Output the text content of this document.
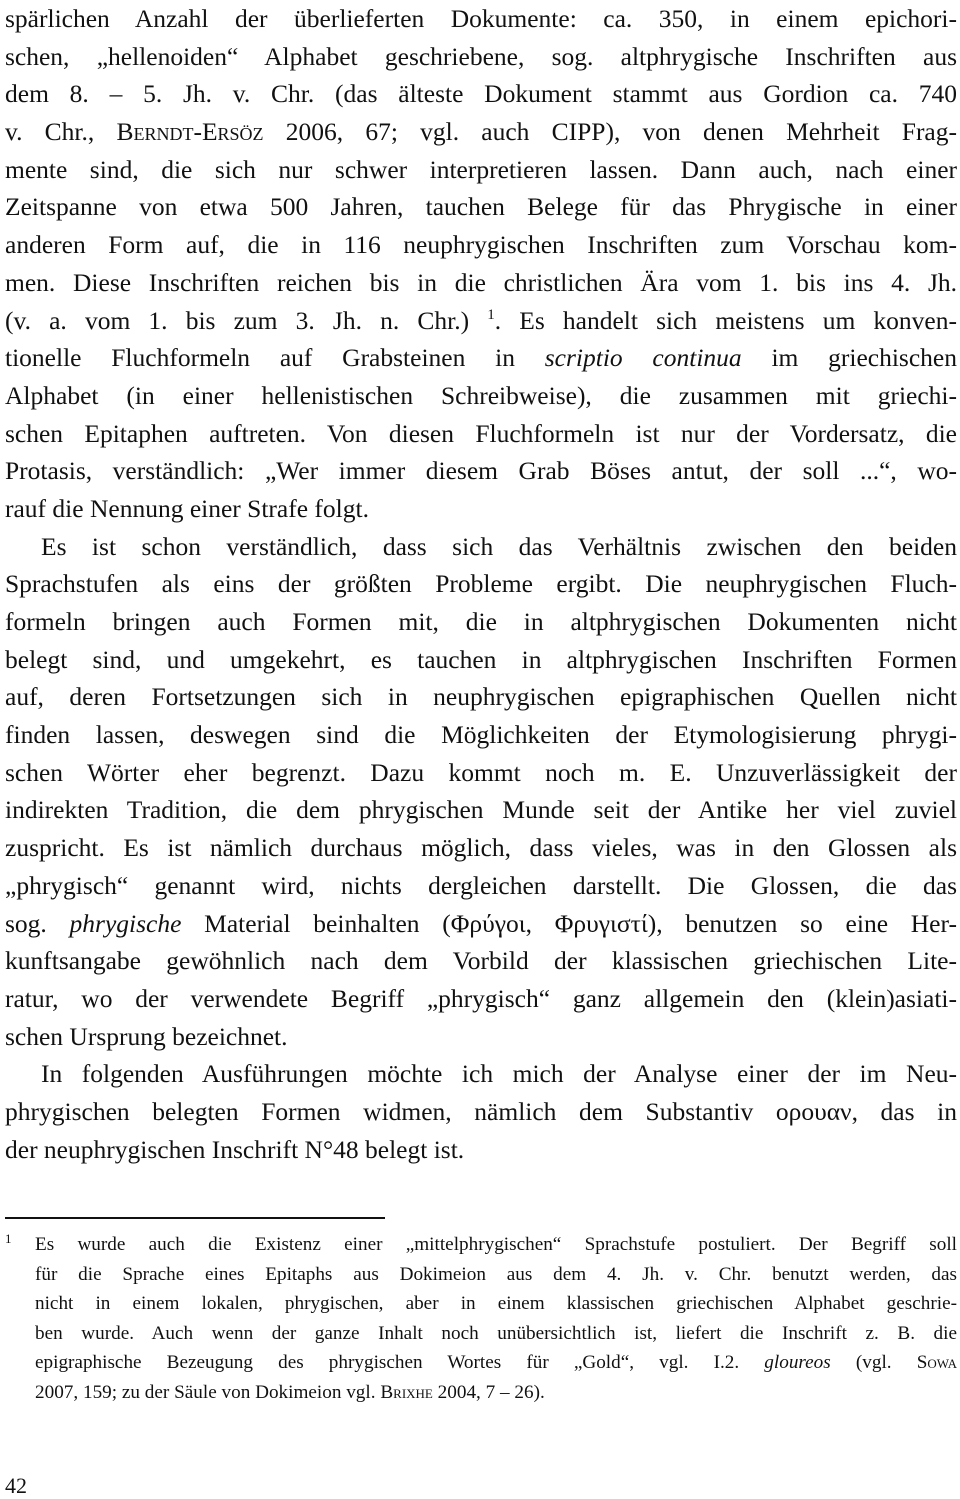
spärlichen Anzahl der überlieferten Dokumente: ca. 350, in einem epichori-
schen, „hellenoiden“ Alphabet geschriebene, sog. altphrygische Inschriften aus
dem 8. – 5. Jh. v. Chr. (das älteste Dokument stammt aus Gordion ca. 740
v. Chr., Berndt-Ersöz 2006, 67; vgl. auch CIPP), von denen Mehrheit Frag-
mente sind, die sich nur schwer interpretieren lassen. Dann auch, nach einer
Zeitspanne von etwa 500 Jahren, tauchen Belege für das Phrygische in einer
anderen Form auf, die in 116 neuphrygischen Inschriften zum Vorschau kom-
men. Diese Inschriften reichen bis in die christlichen Ära vom 1. bis ins 4. Jh.
(v. a. vom 1. bis zum 3. Jh. n. Chr.) $^1$. Es handelt sich meistens um konven-
tionelle Fluchformeln auf Grabsteinen in scriptio continua im griechischen
Alphabet (in einer hellenistischen Schreibweise), die zusammen mit griechi-
schen Epitaphen auftreten. Von diesen Fluchformeln ist nur der Vordersatz, die
Protasis, verständlich: „Wer immer diesem Grab Böses antut, der soll ...“, wo-
rauf die Nennung einer Strafe folgt.
Es ist schon verständlich, dass sich das Verhältnis zwischen den beiden
Sprachstufen als eins der größten Probleme ergibt. Die neuphrygischen Fluch-
formeln bringen auch Formen mit, die in altphrygischen Dokumenten nicht
belegt sind, und umgekehrt, es tauchen in altphrygischen Inschriften Formen
auf, deren Fortsetzungen sich in neuphrygischen epigraphischen Quellen nicht
finden lassen, deswegen sind die Möglichkeiten der Etymologisierung phrygi-
schen Wörter eher begrenzt. Dazu kommt noch m. E. Unzuverlässigkeit der
indirekten Tradition, die dem phrygischen Munde seit der Antike her viel zuviel
zuspricht. Es ist nämlich durchaus möglich, dass vieles, was in den Glossen als
„phrygisch“ genannt wird, nichts dergleichen darstellt. Die Glossen, die das
sog. phrygische Material beinhalten (Φρύγοι, Φρυγιστί), benutzen so eine Her-
kunftsangabe gewöhnlich nach dem Vorbild der klassischen griechischen Lite-
ratur, wo der verwendete Begriff „phrygisch“ ganz allgemein den (klein)asiati-
schen Ursprung bezeichnet.
In folgenden Ausführungen möchte ich mich der Analyse einer der im Neu-
phrygischen belegten Formen widmen, nämlich dem Substantiv ορουαν, das in
der neuphrygischen Inschrift N°48 belegt ist.
1 Es wurde auch die Existenz einer „mittelphrygischen“ Sprachstufe postuliert. Der Begriff soll
für die Sprache eines Epitaphs aus Dokimeion aus dem 4. Jh. v. Chr. benutzt werden, das
nicht in einem lokalen, phrygischen, aber in einem klassischen griechischen Alphabet geschrie-
ben wurde. Auch wenn der ganze Inhalt noch unübersichtlich ist, liefert die Inschrift z. B. die
epigraphische Bezeugung des phrygischen Wortes für „Gold“, vgl. I.2. gloureos (vgl. Sowa
2007, 159; zu der Säule von Dokimeion vgl. Brixhe 2004, 7 – 26).
42
